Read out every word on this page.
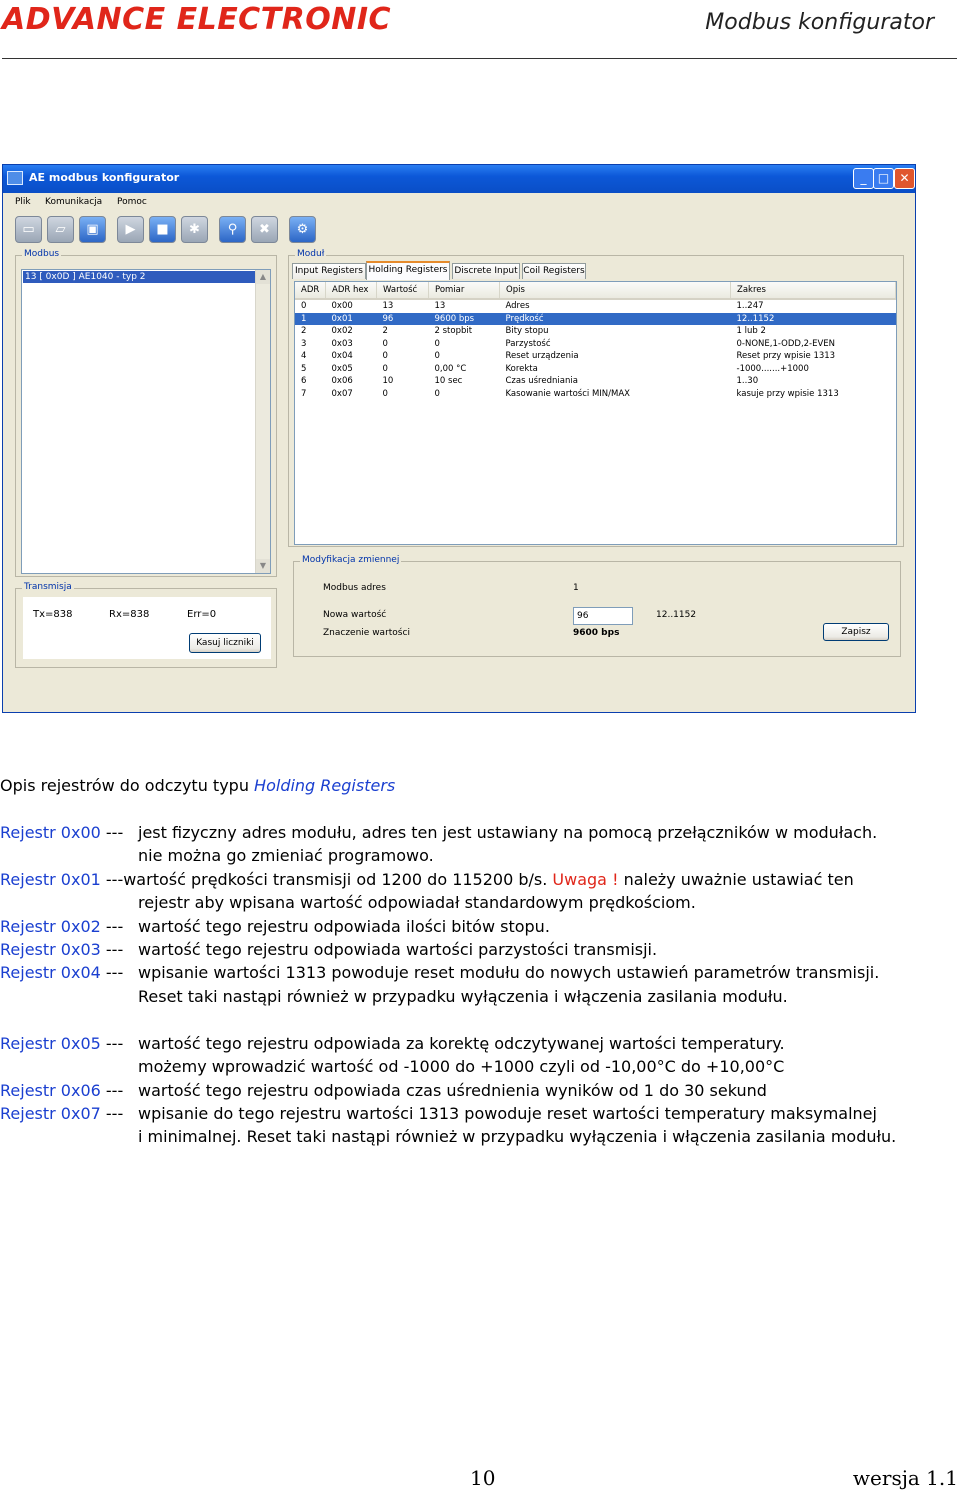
ADVANCE ELECTRONIC	Modbus konfigurator
AE modbus konfigurator	_ □ ✕
Plik Komunikacja Pomoc
▭	▱	▣	▶	■	✱	⚲	✖	⚙
Modbus
13 [ 0x0D ] AE1040 - typ 2	▲
▼
Transmisja
Tx=838	Rx=838	Err=0
Kasuj liczniki
Moduł
Input Registers Holding Registers Discrete Input Coil Registers
ADR	ADR hex	Wartość	Pomiar	Opis	Zakres
0	0x00	13	13	Adres	1..247
1	0x01	96	9600 bps	Prędkość	12..1152
2	0x02	2	2 stopbit	Bity stopu	1 lub 2
3	0x03	0	0	Parzystość	0-NONE,1-ODD,2-EVEN
4	0x04	0	0	Reset urządzenia	Reset przy wpisie 1313
5	0x05	0	0,00 °C	Korekta	-1000.......+1000
6	0x06	10	10 sec	Czas uśredniania	1..30
7	0x07	0	0	Kasowanie wartości MIN/MAX	kasuje przy wpisie 1313
Modyfikacja zmiennej
Modbus adres	1
Nowa wartość	96	12..1152
Znaczenie wartości	9600 bps	Zapisz
Opis rejestrów do odczytu typu Holding Registers
Rejestr 0x00 --- jest fizyczny adres modułu, adres ten jest ustawiany na pomocą przełączników w modułach.
nie można go zmieniać programowo.
Rejestr 0x01 ---wartość prędkości transmisji od 1200 do 115200 b/s. Uwaga ! należy uważnie ustawiać ten
rejestr aby wpisana wartość odpowiadał standardowym prędkościom.
Rejestr 0x02 --- wartość tego rejestru odpowiada ilości bitów stopu.
Rejestr 0x03 --- wartość tego rejestru odpowiada wartości parzystości transmisji.
Rejestr 0x04 --- wpisanie wartości 1313 powoduje reset modułu do nowych ustawień parametrów transmisji.
Reset taki nastąpi również w przypadku wyłączenia i włączenia zasilania modułu.
Rejestr 0x05 --- wartość tego rejestru odpowiada za korektę odczytywanej wartości temperatury.
możemy wprowadzić wartość od -1000 do +1000 czyli od -10,00°C do +10,00°C
Rejestr 0x06 --- wartość tego rejestru odpowiada czas uśrednienia wyników od 1 do 30 sekund
Rejestr 0x07 --- wpisanie do tego rejestru wartości 1313 powoduje reset wartości temperatury maksymalnej
i minimalnej. Reset taki nastąpi również w przypadku wyłączenia i włączenia zasilania modułu.
10	wersja 1.1
